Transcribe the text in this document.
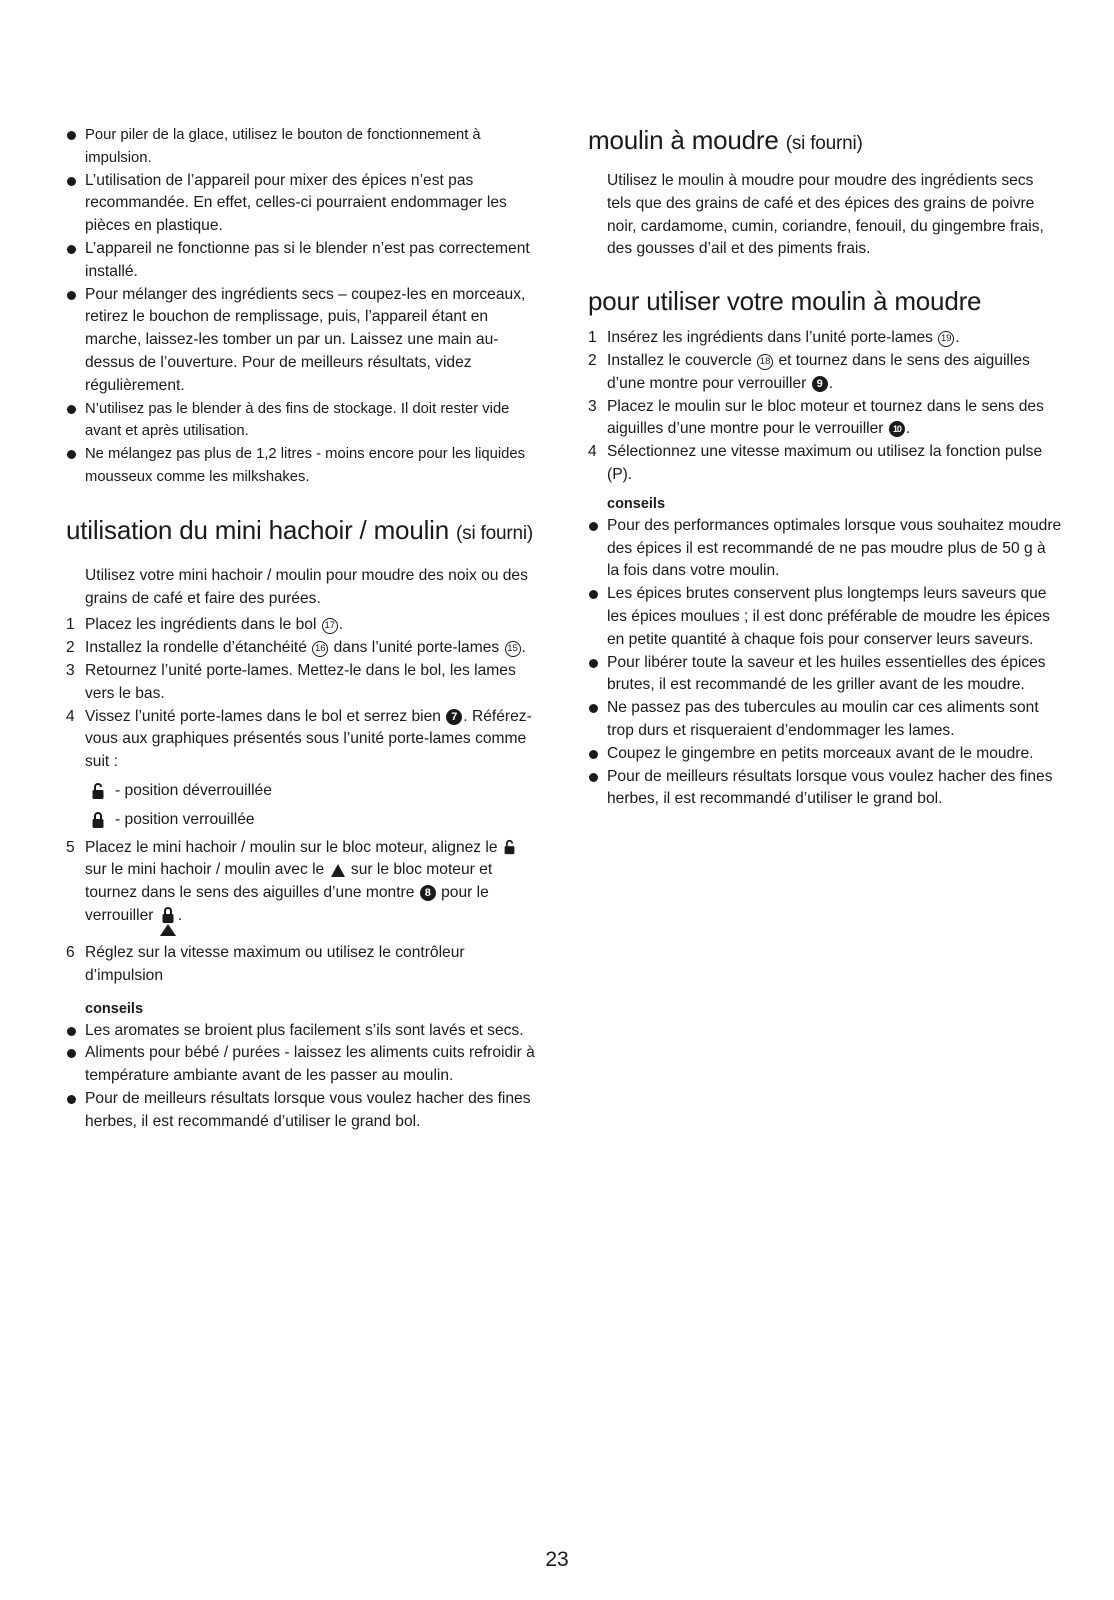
Pour piler de la glace, utilisez le bouton de fonctionnement à impulsion.
L’utilisation de l’appareil pour mixer des épices n’est pas recommandée. En effet, celles-ci pourraient endommager les pièces en plastique.
L’appareil ne fonctionne pas si le blender n’est pas correctement installé.
Pour mélanger des ingrédients secs – coupez-les en morceaux, retirez le bouchon de remplissage, puis, l’appareil étant en marche, laissez-les tomber un par un. Laissez une main au-dessus de l’ouverture. Pour de meilleurs résultats, videz régulièrement.
N’utilisez pas le blender à des fins de stockage. Il doit rester vide avant et après utilisation.
Ne mélangez pas plus de 1,2 litres - moins encore pour les liquides mousseux comme les milkshakes.
utilisation du mini hachoir / moulin (si fourni)
Utilisez votre mini hachoir / moulin pour moudre des noix ou des grains de café et faire des purées.
1 Placez les ingrédients dans le bol 17 .
2 Installez la rondelle d’étanchéité 16 dans l’unité porte-lames 15 .
3 Retournez l’unité porte-lames. Mettez-le dans le bol, les lames vers le bas.
4 Vissez l’unité porte-lames dans le bol et serrez bien 7 . Référez-vous aux graphiques présentés sous l’unité porte-lames comme suit :
- position déverrouillée
- position verrouillée
5 Placez le mini hachoir / moulin sur le bloc moteur, alignez le
sur le mini hachoir / moulin avec le sur le bloc moteur et tournez dans le sens des aiguilles d’une montre 8 pour le verrouiller .
6 Réglez sur la vitesse maximum ou utilisez le contrôleur d’impulsion
conseils
Les aromates se broient plus facilement s’ils sont lavés et secs.
Aliments pour bébé / purées - laissez les aliments cuits refroidir à température ambiante avant de les passer au moulin.
Pour de meilleurs résultats lorsque vous voulez hacher des fines herbes, il est recommandé d’utiliser le grand bol.
moulin à moudre (si fourni)
Utilisez le moulin à moudre pour moudre des ingrédients secs tels que des grains de café et des épices des grains de poivre noir, cardamome, cumin, coriandre, fenouil, du gingembre frais, des gousses d’ail et des piments frais.
pour utiliser votre moulin à moudre
1 Insérez les ingrédients dans l’unité porte-lames 19 .
2 Installez le couvercle 18 et tournez dans le sens des aiguilles d’une montre pour verrouiller 9 .
3 Placez le moulin sur le bloc moteur et tournez dans le sens des aiguilles d’une montre pour le verrouiller 10 .
4 Sélectionnez une vitesse maximum ou utilisez la fonction pulse (P).
conseils
Pour des performances optimales lorsque vous souhaitez moudre des épices il est recommandé de ne pas moudre plus de 50 g à la fois dans votre moulin.
Les épices brutes conservent plus longtemps leurs saveurs que les épices moulues ; il est donc préférable de moudre les épices en petite quantité à chaque fois pour conserver leurs saveurs.
Pour libérer toute la saveur et les huiles essentielles des épices brutes, il est recommandé de les griller avant de les moudre.
Ne passez pas des tubercules au moulin car ces aliments sont trop durs et risqueraient d’endommager les lames.
Coupez le gingembre en petits morceaux avant de le moudre.
Pour de meilleurs résultats lorsque vous voulez hacher des fines herbes, il est recommandé d’utiliser le grand bol.
23
